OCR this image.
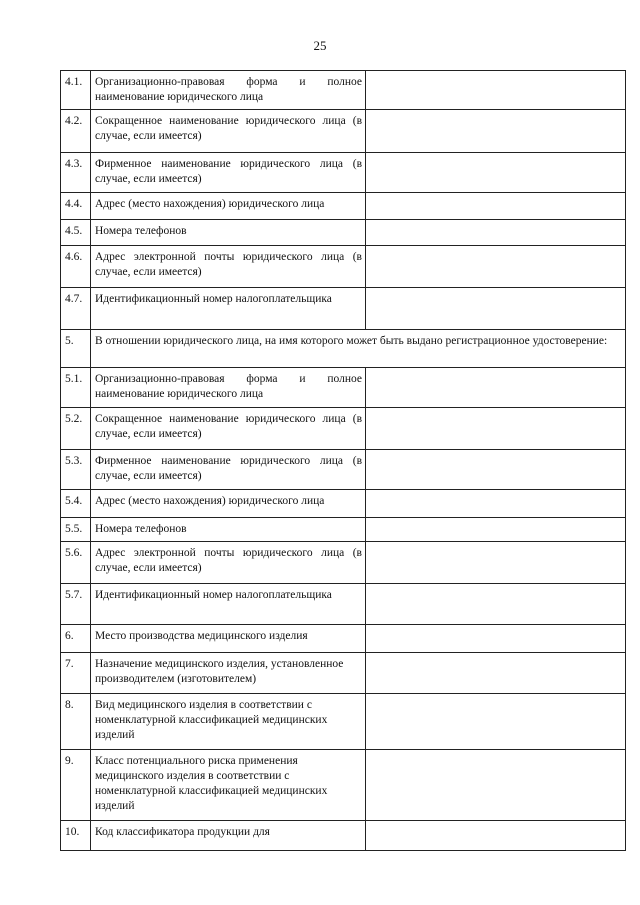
25
4.1.	Организационно-правовая форма и полное наименование юридического лица	
4.2.	Сокращенное наименование юридического лица (в случае, если имеется)	
4.3.	Фирменное наименование юридического лица (в случае, если имеется)	
4.4.	Адрес (место нахождения) юридического лица	
4.5.	Номера телефонов	
4.6.	Адрес электронной почты юридического лица (в случае, если имеется)	
4.7.	Идентификационный номер налогоплательщика	
5.	В отношении юридического лица, на имя которого может быть выдано регистрационное удостоверение:	
5.1.	Организационно-правовая форма и полное наименование юридического лица	
5.2.	Сокращенное наименование юридического лица (в случае, если имеется)	
5.3.	Фирменное наименование юридического лица (в случае, если имеется)	
5.4.	Адрес (место нахождения) юридического лица	
5.5.	Номера телефонов	
5.6.	Адрес электронной почты юридического лица (в случае, если имеется)	
5.7.	Идентификационный номер налогоплательщика	
6.	Место производства медицинского изделия	
7.	Назначение медицинского изделия, установленное производителем (изготовителем)	
8.	Вид медицинского изделия в соответствии с номенклатурной классификацией медицинских изделий	
9.	Класс потенциального риска применения медицинского изделия в соответствии с номенклатурной классификацией медицинских изделий	
10.	Код классификатора продукции для	
